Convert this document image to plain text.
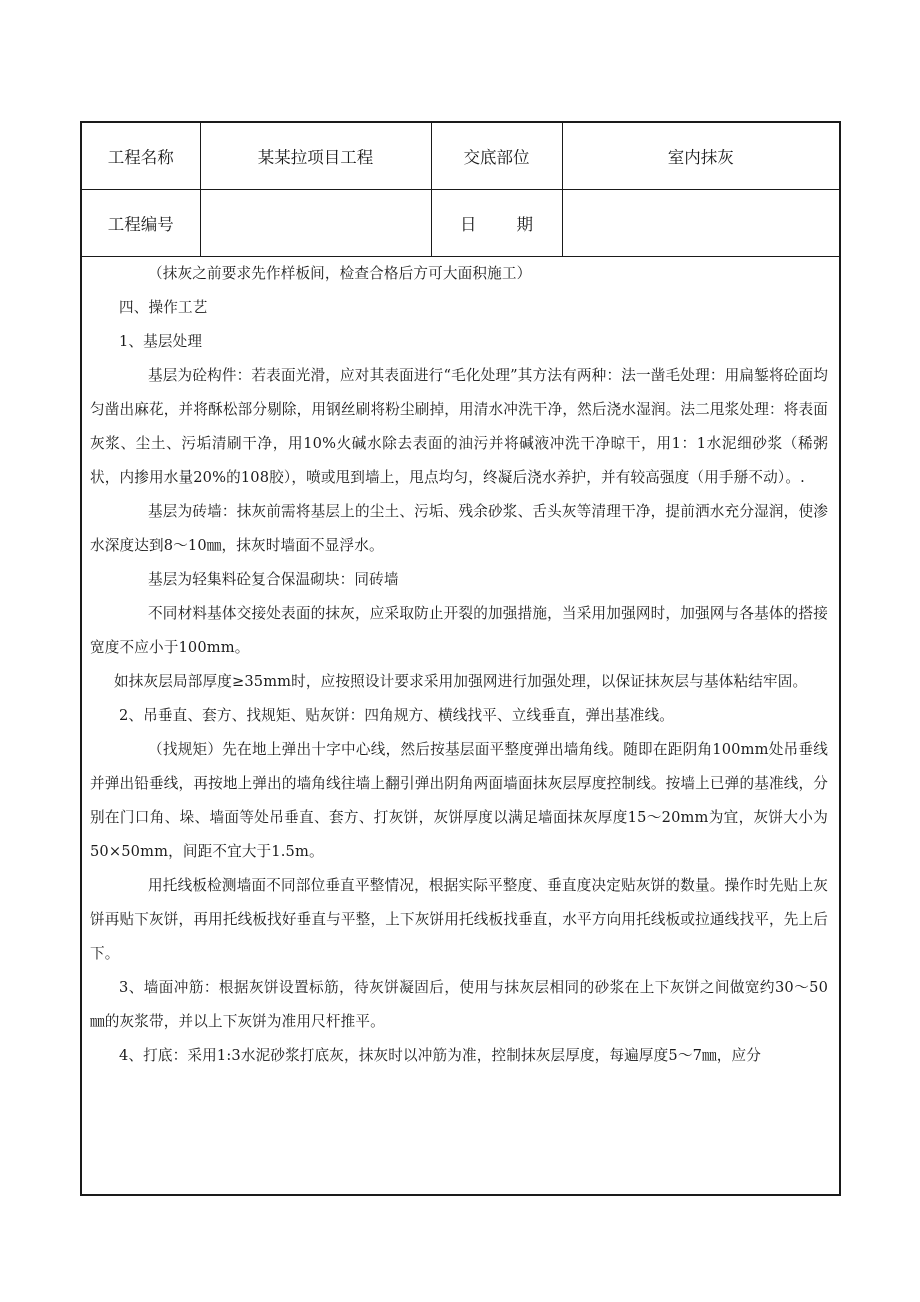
工程名称	某某拉项目工程	交底部位	室内抹灰
工程编号		日 期	

（抹灰之前要求先作样板间，检查合格后方可大面积施工）

四、操作工艺

1、基层处理

基层为砼构件：若表面光滑，应对其表面进行“毛化处理”其方法有两种：法一凿毛处理：用扁錾将砼面均匀凿出麻花，并将酥松部分剔除，用钢丝刷将粉尘刷掉，用清水冲洗干净，然后浇水湿润。法二甩浆处理：将表面灰浆、尘土、污垢清刷干净，用10%火碱水除去表面的油污并将碱液冲洗干净晾干，用1：1水泥细砂浆（稀粥状，内掺用水量20%的108胶），喷或甩到墙上，甩点均匀，终凝后浇水养护，并有较高强度（用手掰不动）。.

基层为砖墙：抹灰前需将基层上的尘土、污垢、残余砂浆、舌头灰等清理干净，提前洒水充分湿润，使渗水深度达到8～10㎜，抹灰时墙面不显浮水。

基层为轻集料砼复合保温砌块：同砖墙

不同材料基体交接处表面的抹灰，应采取防止开裂的加强措施，当采用加强网时，加强网与各基体的搭接宽度不应小于100mm。

如抹灰层局部厚度≥35mm时，应按照设计要求采用加强网进行加强处理，以保证抹灰层与基体粘结牢固。

2、吊垂直、套方、找规矩、贴灰饼：四角规方、横线找平、立线垂直，弹出基准线。

（找规矩）先在地上弹出十字中心线，然后按基层面平整度弹出墙角线。随即在距阴角100mm处吊垂线并弹出铅垂线，再按地上弹出的墙角线往墙上翻引弹出阴角两面墙面抹灰层厚度控制线。按墙上已弹的基准线，分别在门口角、垛、墙面等处吊垂直、套方、打灰饼，灰饼厚度以满足墙面抹灰厚度15～20mm为宜，灰饼大小为50×50mm，间距不宜大于1.5m。

用托线板检测墙面不同部位垂直平整情况，根据实际平整度、垂直度决定贴灰饼的数量。操作时先贴上灰饼再贴下灰饼，再用托线板找好垂直与平整，上下灰饼用托线板找垂直，水平方向用托线板或拉通线找平，先上后下。

3、墙面冲筋：根据灰饼设置标筋，待灰饼凝固后，使用与抹灰层相同的砂浆在上下灰饼之间做宽约30～50㎜的灰浆带，并以上下灰饼为准用尺杆推平。

4、打底：采用1:3水泥砂浆打底灰，抹灰时以冲筋为准，控制抹灰层厚度，每遍厚度5～7㎜，应分
